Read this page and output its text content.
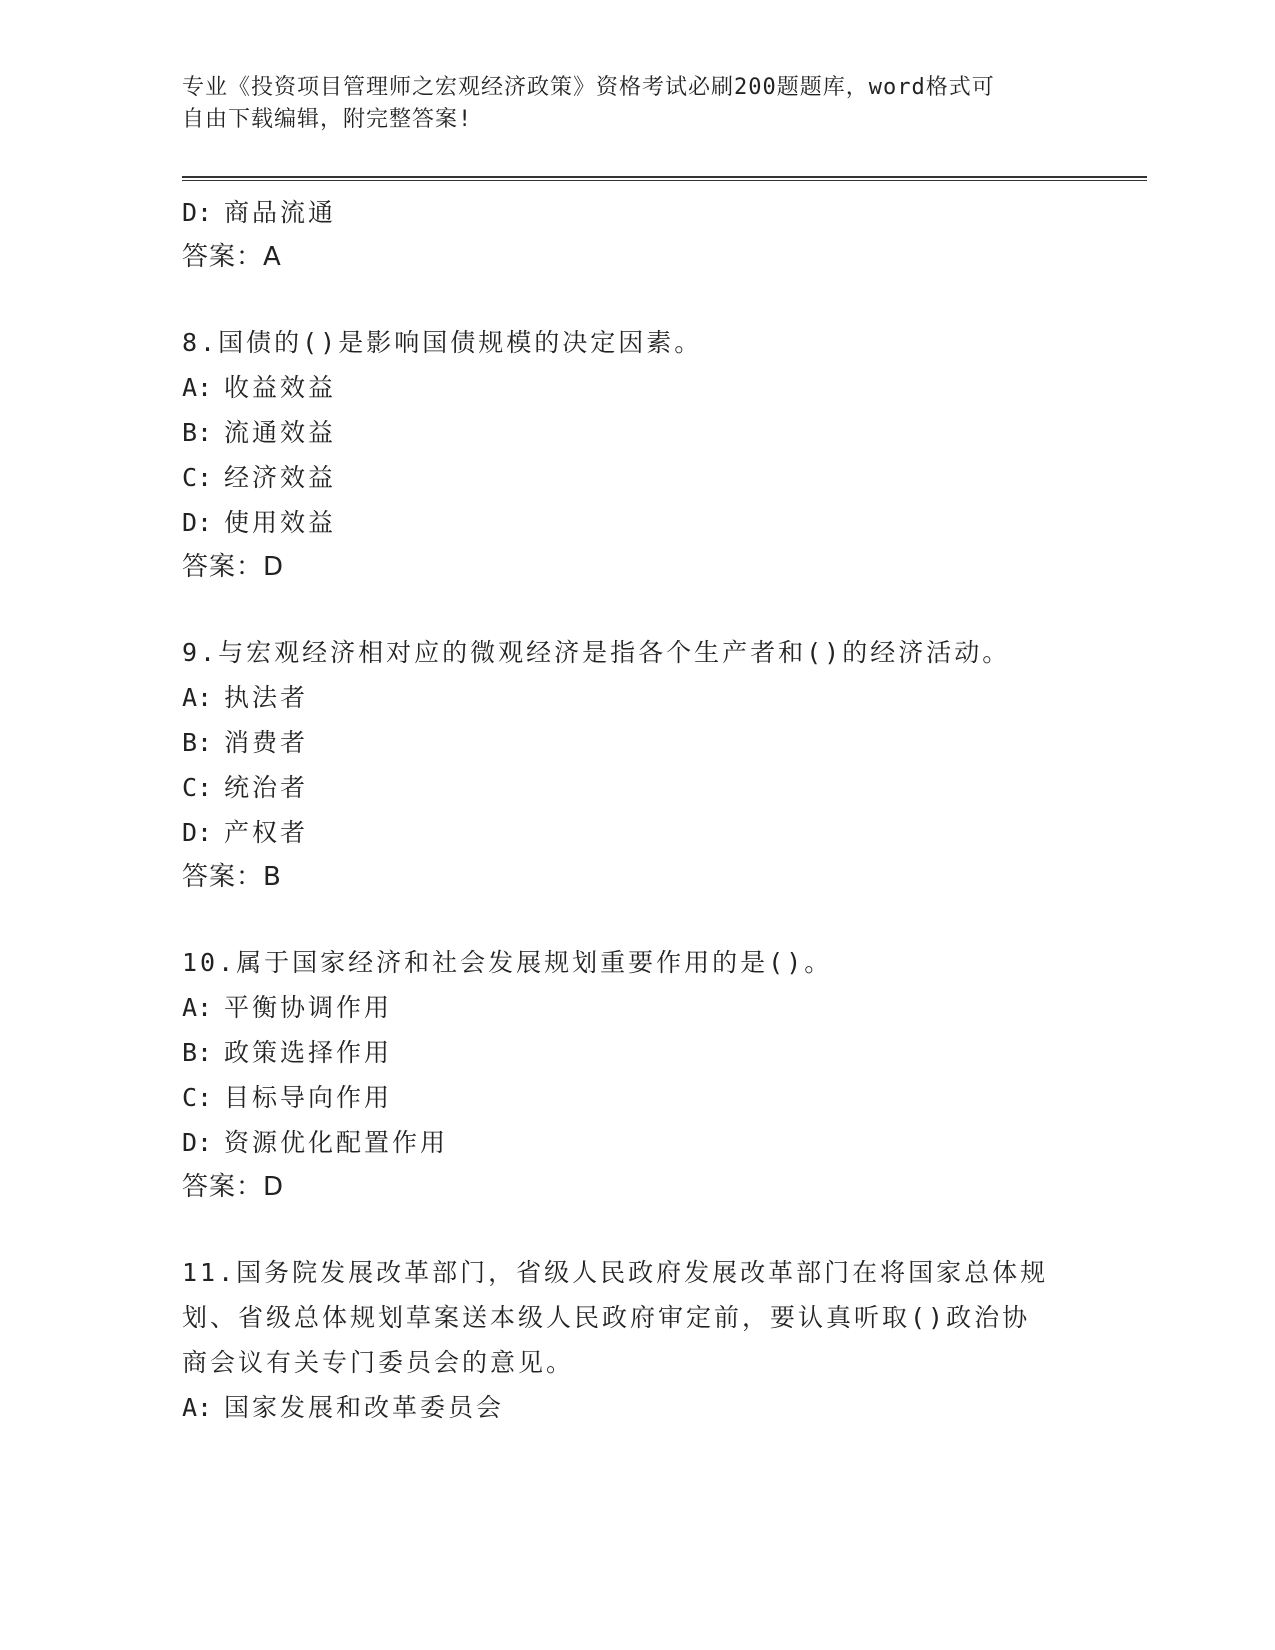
专业《投资项目管理师之宏观经济政策》资格考试必刷200题题库，word格式可
自由下载编辑，附完整答案!
D: 商品流通
答案：A
8.国债的()是影响国债规模的决定因素。
A: 收益效益
B: 流通效益
C: 经济效益
D: 使用效益
答案：D
9.与宏观经济相对应的微观经济是指各个生产者和()的经济活动。
A: 执法者
B: 消费者
C: 统治者
D: 产权者
答案：B
10.属于国家经济和社会发展规划重要作用的是()。
A: 平衡协调作用
B: 政策选择作用
C: 目标导向作用
D: 资源优化配置作用
答案：D
11.国务院发展改革部门，省级人民政府发展改革部门在将国家总体规
划、省级总体规划草案送本级人民政府审定前，要认真听取()政治协
商会议有关专门委员会的意见。
A: 国家发展和改革委员会
